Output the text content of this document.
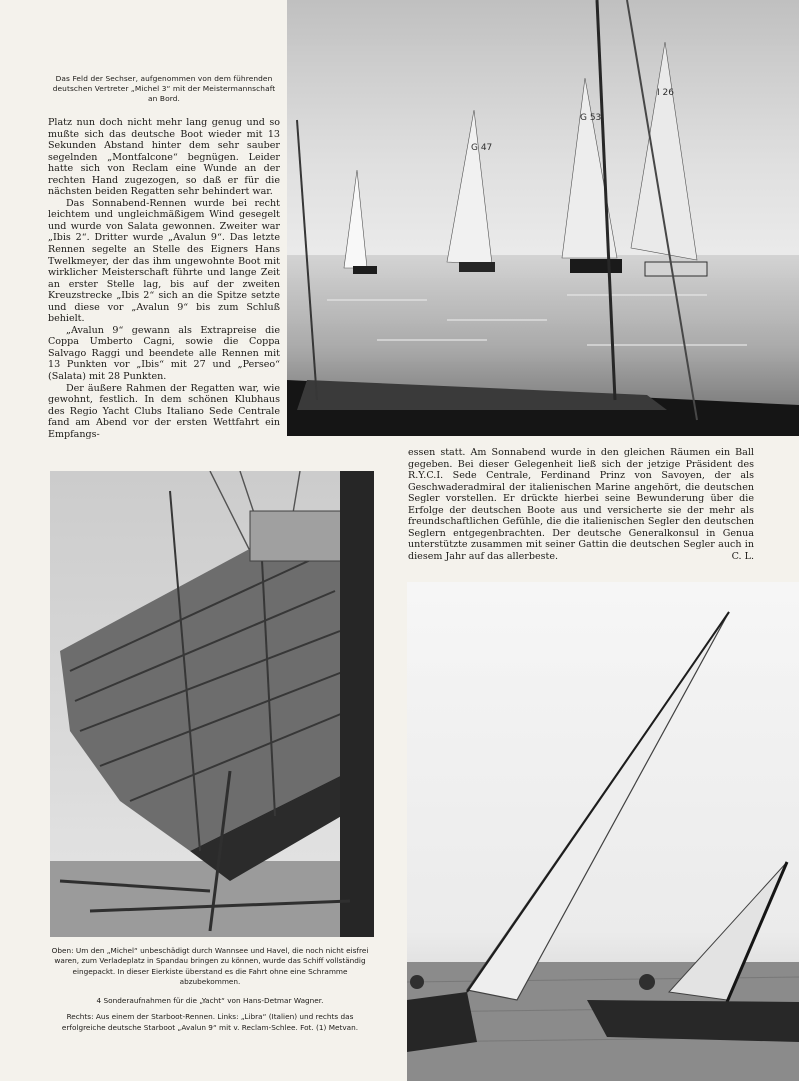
G 47
G 53
I 26
Das Feld der Sechser, aufgenommen von dem führenden deutschen Vertreter „Michel 3“ mit der Meistermannschaft an Bord.

Platz nun doch nicht mehr lang genug und so mußte sich das deutsche Boot wieder mit 13 Sekunden Abstand hinter dem sehr sauber segelnden „Montfalcone“ begnügen. Leider hatte sich von Reclam eine Wunde an der rechten Hand zugezogen, so daß er für die nächsten beiden Regatten sehr behindert war.

Das Sonnabend-Rennen wurde bei recht leichtem und ungleichmäßigem Wind gesegelt und wurde von Salata gewonnen. Zweiter war „Ibis 2“. Dritter wurde „Avalun 9“. Das letzte Rennen segelte an Stelle des Eigners Hans Twelkmeyer, der das ihm ungewohnte Boot mit wirklicher Meisterschaft führte und lange Zeit an erster Stelle lag, bis auf der zweiten Kreuzstrecke „Ibis 2“ sich an die Spitze setzte und diese vor „Avalun 9“ bis zum Schluß behielt.

„Avalun 9“ gewann als Extrapreise die Coppa Umberto Cagni, sowie die Coppa Salvago Raggi und beendete alle Rennen mit 13 Punkten vor „Ibis“ mit 27 und „Perseo“ (Salata) mit 28 Punkten.

Der äußere Rahmen der Regatten war, wie gewohnt, festlich. In dem schönen Klubhaus des Regio Yacht Clubs Italiano Sede Centrale fand am Abend vor der ersten Wettfahrt ein Empfangs-

essen statt. Am Sonnabend wurde in den gleichen Räumen ein Ball gegeben. Bei dieser Gelegenheit ließ sich der jetzige Präsident des R.Y.C.I. Sede Centrale, Ferdinand Prinz von Savoyen, der als Geschwaderadmiral der italienischen Marine angehört, die deutschen Segler vorstellen. Er drückte hierbei seine Bewunderung über die Erfolge der deutschen Boote aus und versicherte sie der mehr als freundschaftlichen Gefühle, die die italienischen Segler den deutschen Seglern entgegenbrachten. Der deutsche Generalkonsul in Genua unterstützte zusammen mit seiner Gattin die deutschen Segler auch in diesem Jahr auf das allerbeste.	C. L.
Oben: Um den „Michel“ unbeschädigt durch Wannsee und Havel, die noch nicht eisfrei waren, zum Verladeplatz in Spandau bringen zu können, wurde das Schiff vollständig eingepackt. In dieser Eierkiste überstand es die Fahrt ohne eine Schramme abzubekommen.
4 Sonderaufnahmen für die „Yacht“ von Hans-Detmar Wagner.
Rechts: Aus einem der Starboot-Rennen. Links: „Libra“ (Italien) und rechts das erfolgreiche deutsche Starboot „Avalun 9“ mit v. Reclam-Schlee. Fot. (1) Metvan.
